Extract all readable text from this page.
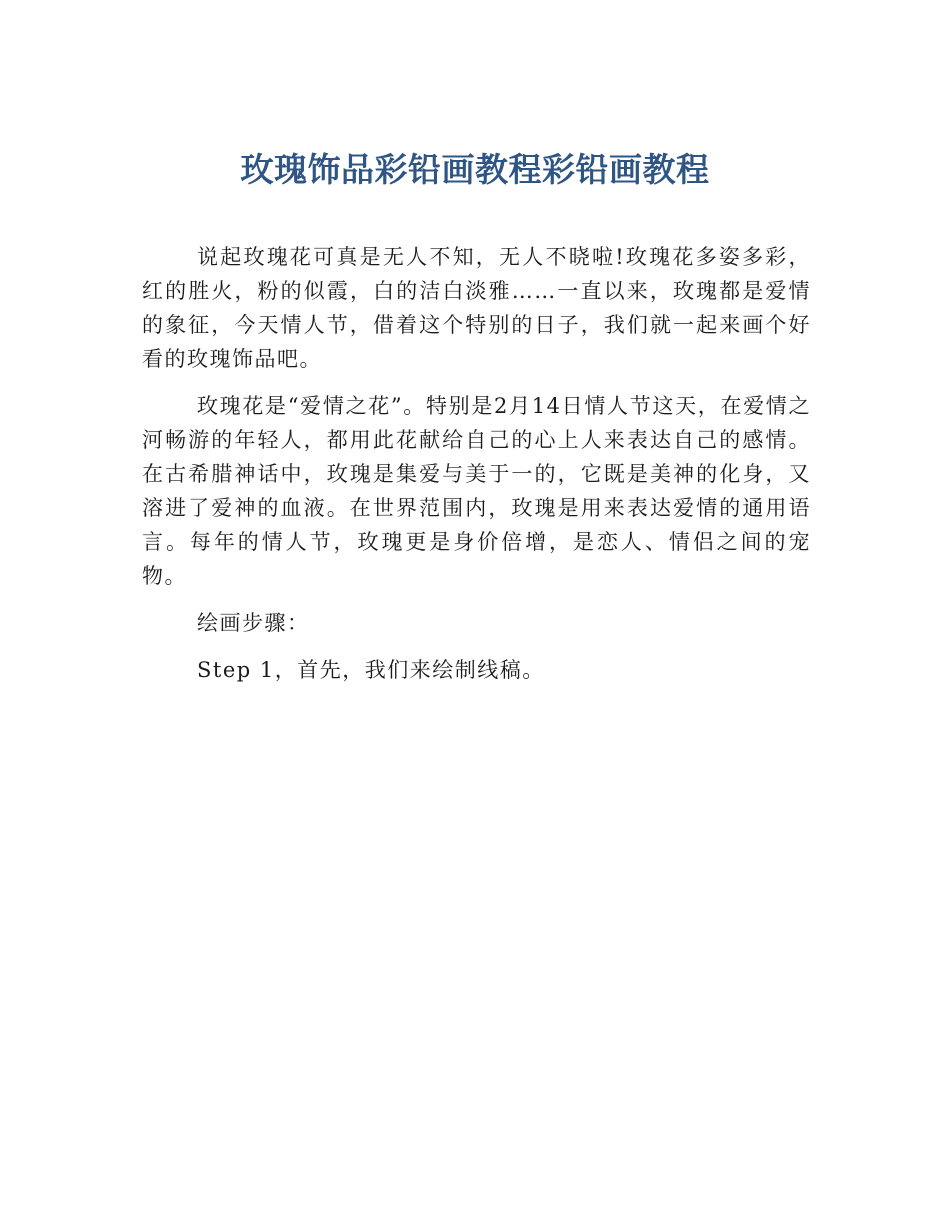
玫瑰饰品彩铅画教程彩铅画教程

说起玫瑰花可真是无人不知，无人不晓啦!玫瑰花多姿多彩，红的胜火，粉的似霞，白的洁白淡雅……一直以来，玫瑰都是爱情的象征，今天情人节，借着这个特别的日子，我们就一起来画个好看的玫瑰饰品吧。

玫瑰花是“爱情之花”。特别是2月14日情人节这天，在爱情之河畅游的年轻人，都用此花献给自己的心上人来表达自己的感情。在古希腊神话中，玫瑰是集爱与美于一的，它既是美神的化身，又溶进了爱神的血液。在世界范围内，玫瑰是用来表达爱情的通用语言。每年的情人节，玫瑰更是身价倍增，是恋人、情侣之间的宠物。

绘画步骤：

Step 1，首先，我们来绘制线稿。
